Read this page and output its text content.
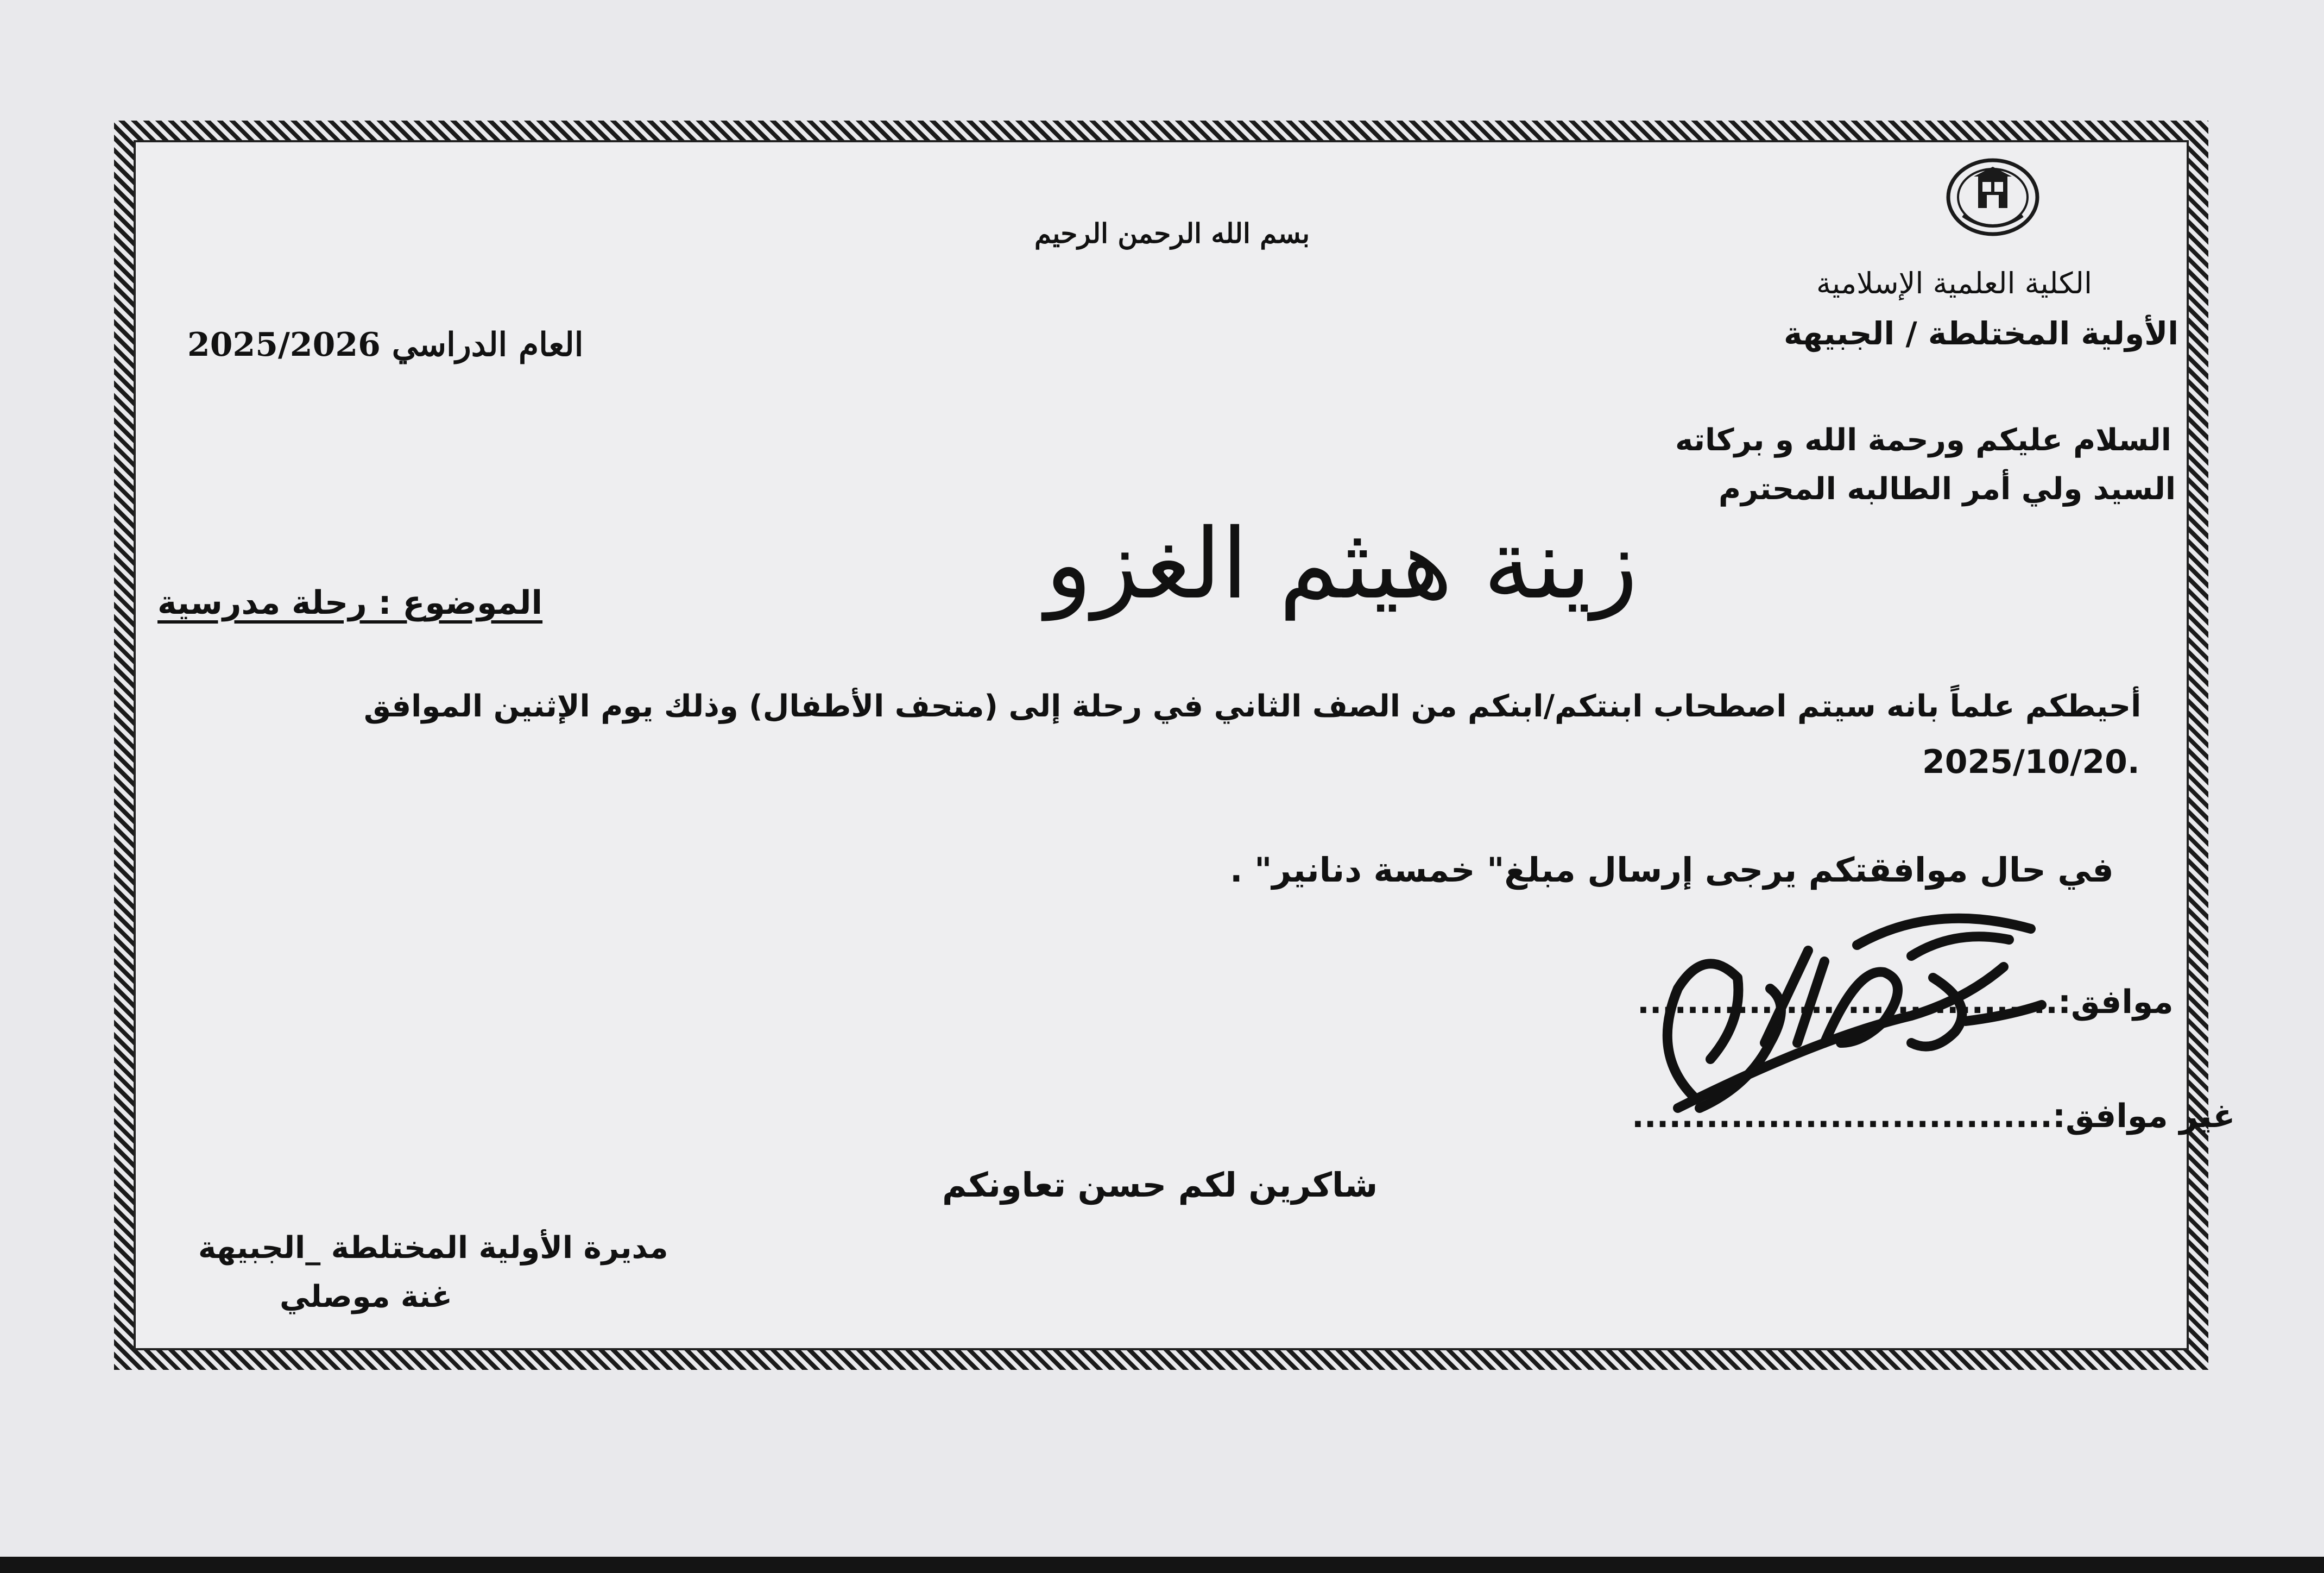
بسم الله الرحمن الرحيم
الكلية العلمية الإسلامية
الأولية المختلطة / الجبيهة
العام الدراسي 2025/2026
السلام عليكم ورحمة الله و بركاته
السيد ولي أمر الطالبه المحترم
زينة هيثم الغزو
الموضوع : رحلة مدرسية
أحيطكم علماً بانه سيتم اصطحاب ابنتكم/ابنكم من الصف الثاني في رحلة إلى (متحف الأطفال) وذلك يوم الإثنين الموافق
2025/10/20.
في حال موافقتكم يرجى إرسال مبلغ" خمسة دنانير" .
موافق:..................................
غير موافق:..................................
شاكرين لكم حسن تعاونكم
مديرة الأولية المختلطة _الجبيهة
غنة موصلي
